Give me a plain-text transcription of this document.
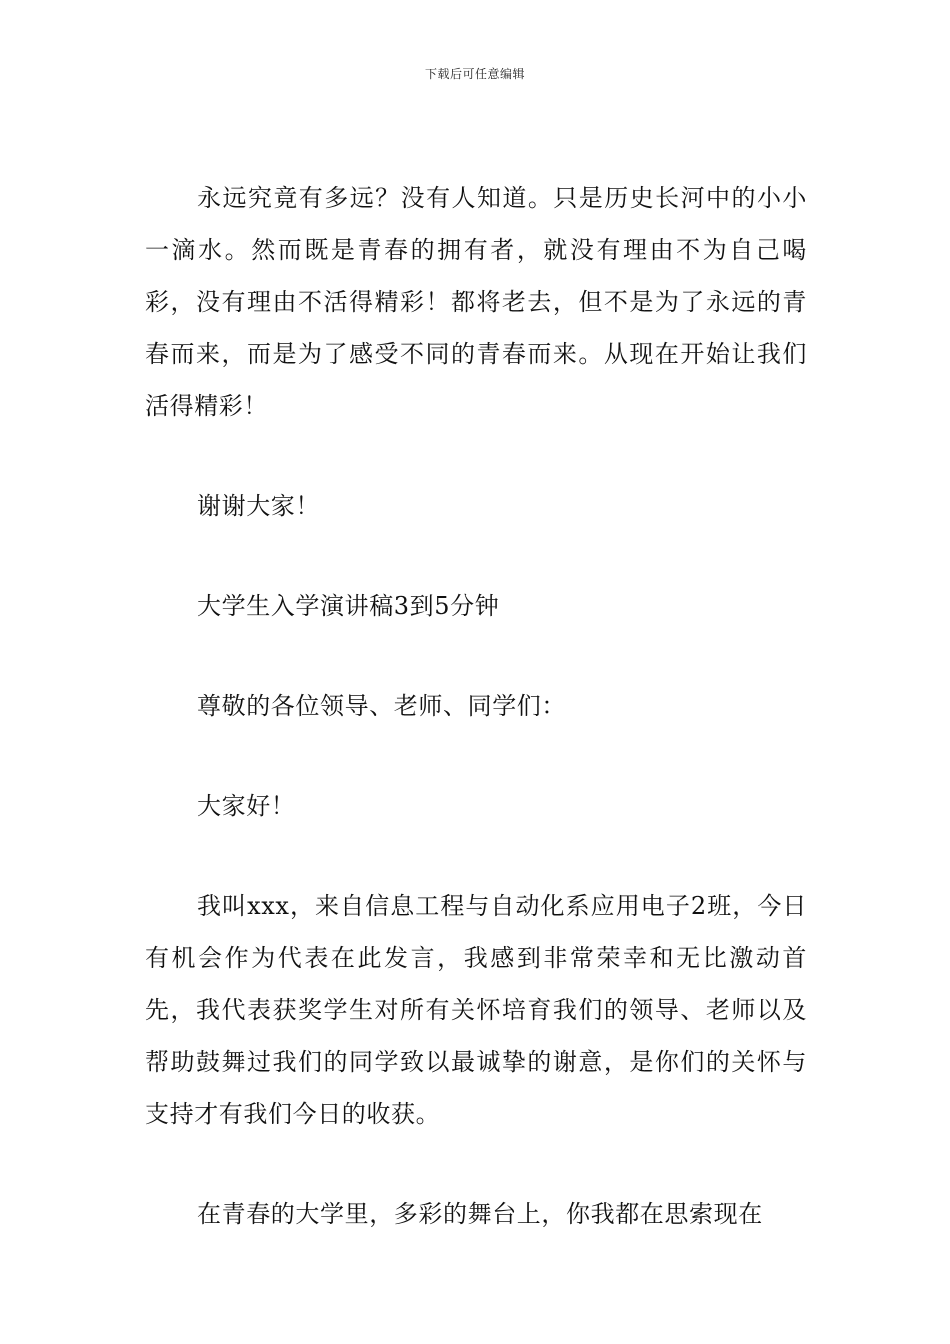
下载后可任意编辑

永远究竟有多远？没有人知道。只是历史长河中的小小一滴水。然而既是青春的拥有者，就没有理由不为自己喝彩，没有理由不活得精彩！都将老去，但不是为了永远的青春而来，而是为了感受不同的青春而来。从现在开始让我们活得精彩！

谢谢大家！

大学生入学演讲稿3到5分钟

尊敬的各位领导、老师、同学们：

大家好！

我叫xxx，来自信息工程与自动化系应用电子2班，今日有机会作为代表在此发言，我感到非常荣幸和无比激动首先，我代表获奖学生对所有关怀培育我们的领导、老师以及帮助鼓舞过我们的同学致以最诚挚的谢意，是你们的关怀与支持才有我们今日的收获。

在青春的大学里，多彩的舞台上，你我都在思索现在
